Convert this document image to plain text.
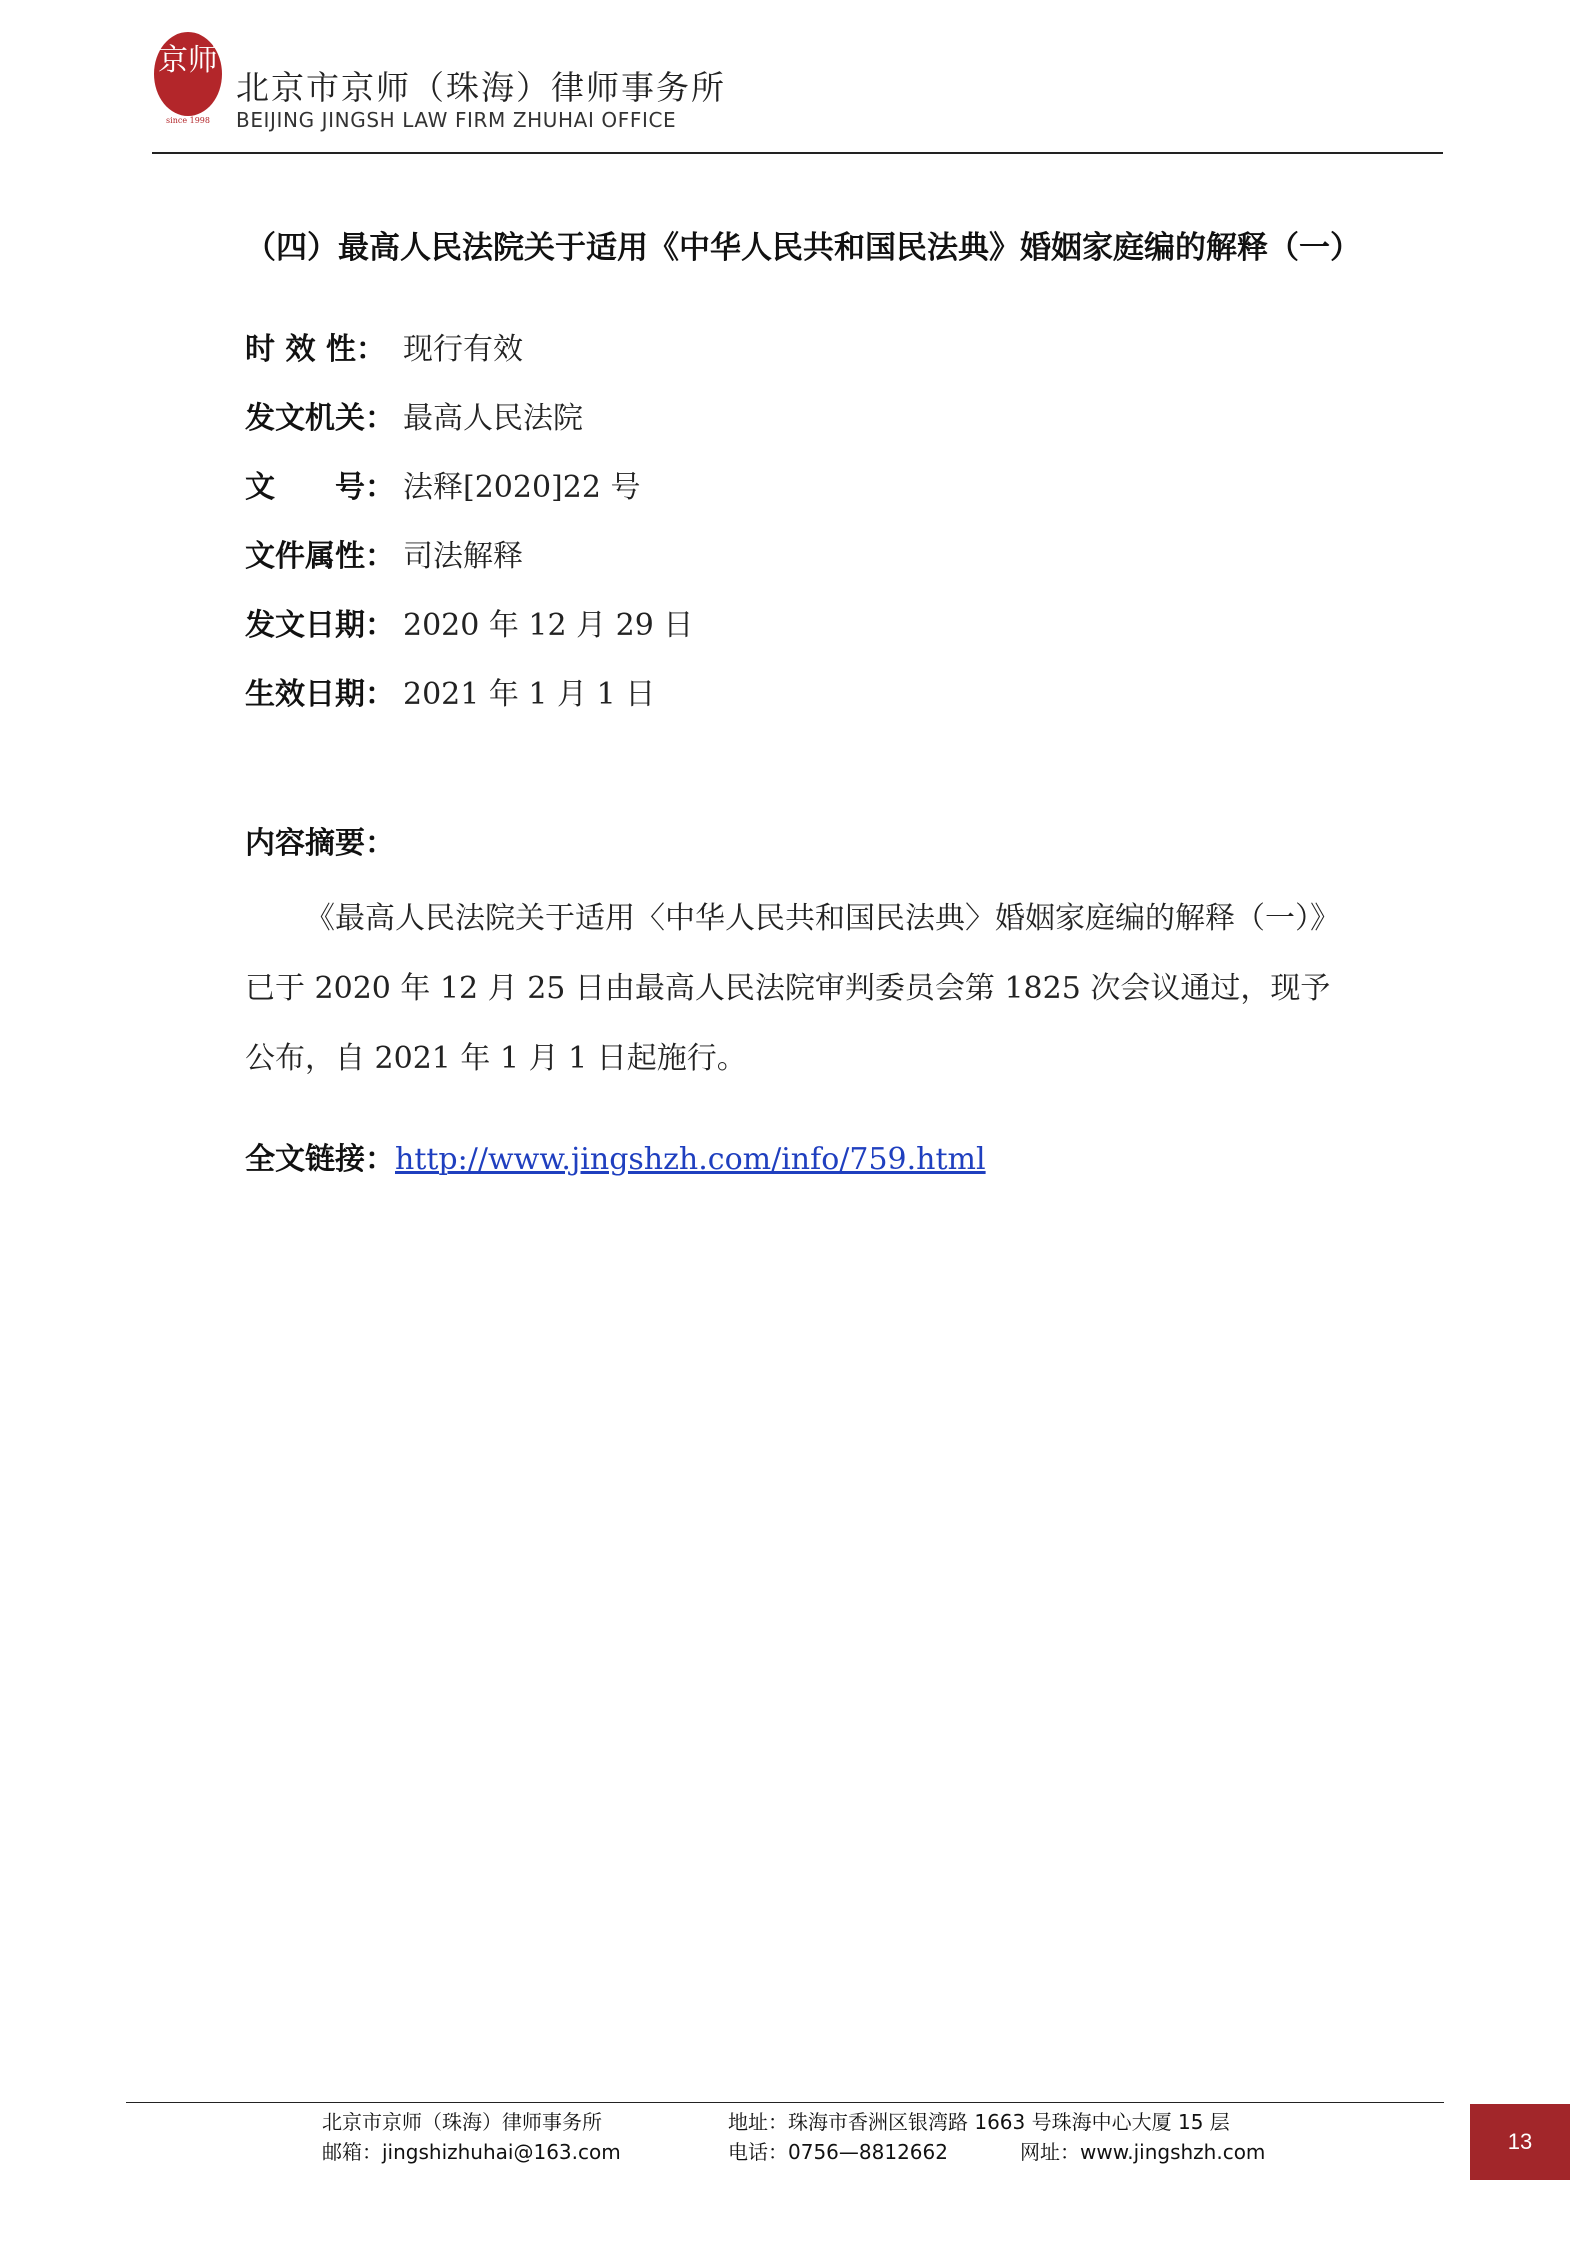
京师
since 1998
北京市京师（珠海）律师事务所
BEIJING JINGSH LAW FIRM ZHUHAI OFFICE
（四）最高人民法院关于适用《中华人民共和国民法典》婚姻家庭编的解释（一）
时 效 性： 现行有效
发文机关： 最高人民法院
文　　号： 法释[2020]22 号
文件属性： 司法解释
发文日期： 2020 年 12 月 29 日
生效日期： 2021 年 1 月 1 日
内容摘要：
《最高人民法院关于适用〈中华人民共和国民法典〉婚姻家庭编的解释（一）》已于 2020 年 12 月 25 日由最高人民法院审判委员会第 1825 次会议通过，现予公布，自 2021 年 1 月 1 日起施行。
全文链接：http://www.jingshzh.com/info/759.html
北京市京师（珠海）律师事务所
邮箱：jingshizhuhai@163.com
地址：珠海市香洲区银湾路 1663 号珠海中心大厦 15 层
电话：0756—8812662	网址：www.jingshzh.com	13
